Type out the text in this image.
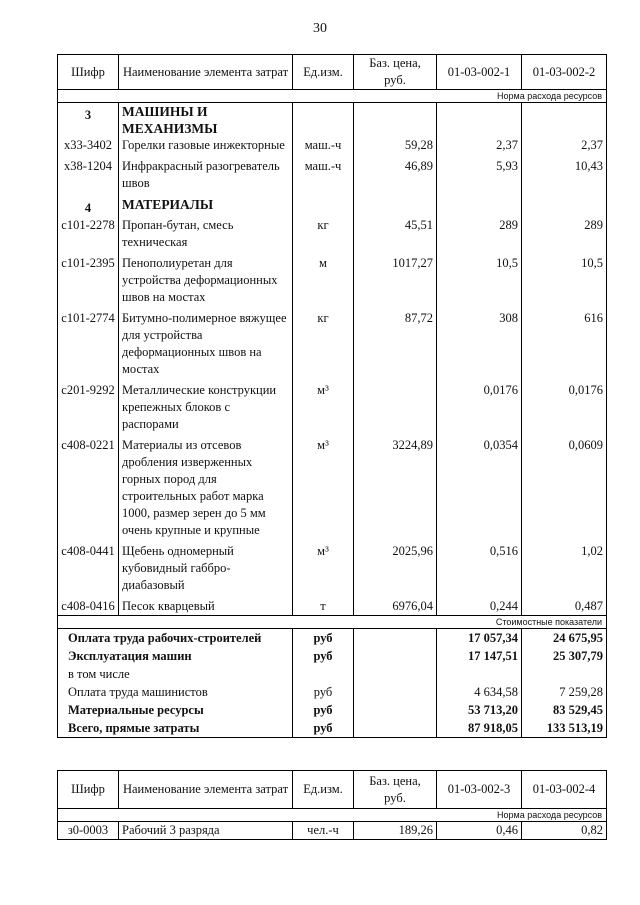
30
Шифр	Наименование элемента затрат	Ед.изм.	Баз. цена, руб.	01-03-002-1	01-03-002-2
Норма расхода ресурсов					
3	МАШИНЫ И МЕХАНИЗМЫ				
х33-3402	Горелки газовые инжекторные	маш.-ч	59,28	2,37	2,37

х38-1204	Инфракрасный разогреватель швов	маш.-ч	46,89	5,93	10,43

4	МАТЕРИАЛЫ				
с101-2278	Пропан-бутан, смесь техническая	кг	45,51	289	289

с101-2395	Пенополиуретан для устройства деформационных швов на мостах	м	1017,27	10,5	10,5

с101-2774	Битумно-полимерное вяжущее для устройства деформационных швов на мостах	кг	87,72	308	616

с201-9292	Металлические конструкции крепежных блоков с распорами	м³		0,0176	0,0176

с408-0221	Материалы из отсевов дробления изверженных горных пород для строительных работ марка 1000, размер зерен до 5 мм очень крупные и крупные	м³	3224,89	0,0354	0,0609

с408-0441	Щебень одномерный кубовидный габбро-диабазовый	м³	2025,96	0,516	1,02

с408-0416	Песок кварцевый	т	6976,04	0,244	0,487
Стоимостные показатели					
Оплата труда рабочих-строителей		руб		17 057,34	24 675,95
Эксплуатация машин		руб		17 147,51	25 307,79
в том числе					
Оплата труда машинистов		руб		4 634,58	7 259,28
Материальные ресурсы		руб		53 713,20	83 529,45
Всего, прямые затраты		руб		87 918,05	133 513,19
Шифр	Наименование элемента затрат	Ед.изм.	Баз. цена, руб.	01-03-002-3	01-03-002-4
Норма расхода ресурсов					
з0-0003	Рабочий 3 разряда	чел.-ч	189,26	0,46	0,82
